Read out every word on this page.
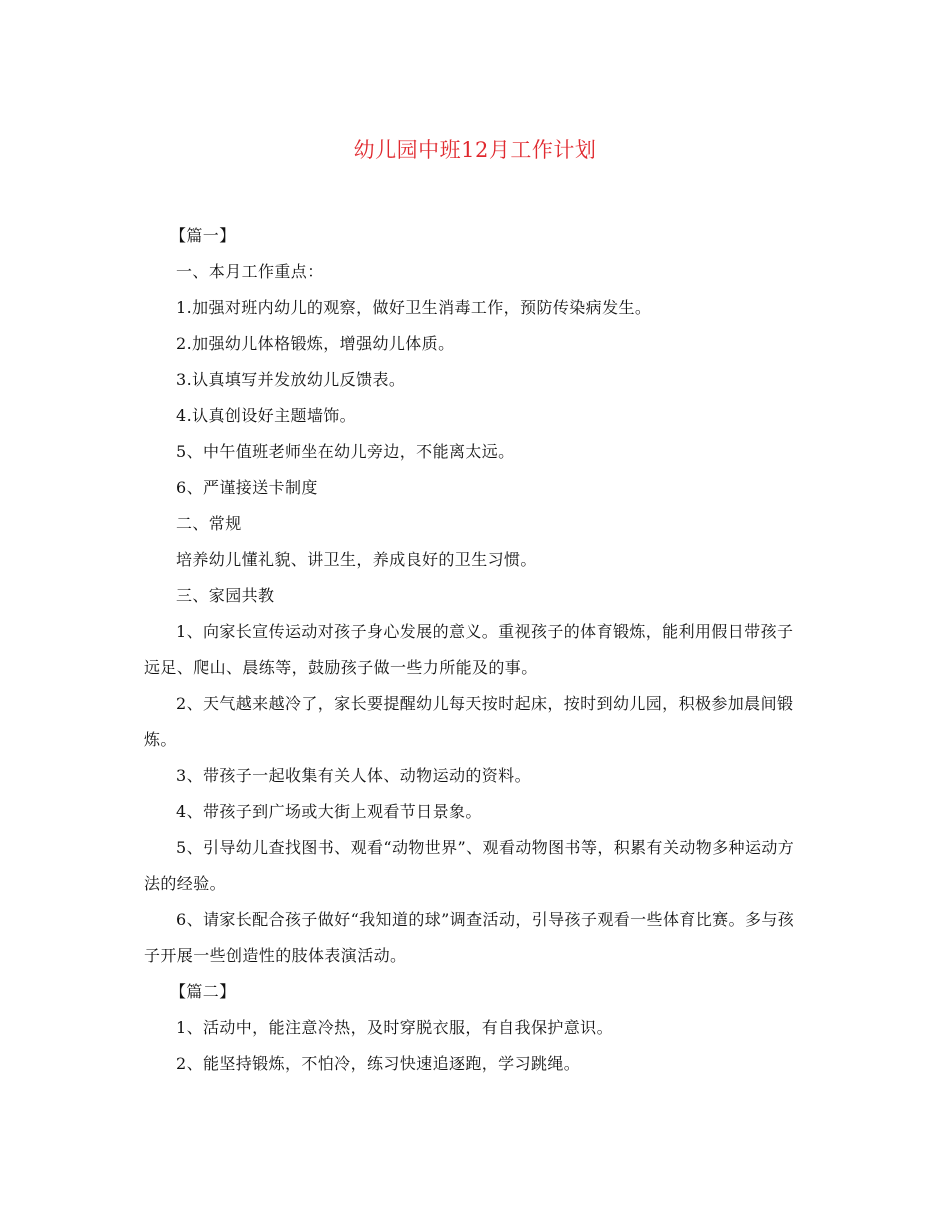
幼儿园中班12月工作计划

【篇一】

一、本月工作重点：

1.加强对班内幼儿的观察，做好卫生消毒工作，预防传染病发生。

2.加强幼儿体格锻炼，增强幼儿体质。

3.认真填写并发放幼儿反馈表。

4.认真创设好主题墙饰。

5、中午值班老师坐在幼儿旁边，不能离太远。

6、严谨接送卡制度

二、常规

培养幼儿懂礼貌、讲卫生，养成良好的卫生习惯。

三、家园共教

1、向家长宣传运动对孩子身心发展的意义。重视孩子的体育锻炼，能利用假日带孩子远足、爬山、晨练等，鼓励孩子做一些力所能及的事。

2、天气越来越冷了，家长要提醒幼儿每天按时起床，按时到幼儿园，积极参加晨间锻炼。

3、带孩子一起收集有关人体、动物运动的资料。

4、带孩子到广场或大街上观看节日景象。

5、引导幼儿查找图书、观看“动物世界”、观看动物图书等，积累有关动物多种运动方法的经验。

6、请家长配合孩子做好“我知道的球”调查活动，引导孩子观看一些体育比赛。多与孩子开展一些创造性的肢体表演活动。

【篇二】

1、活动中，能注意冷热，及时穿脱衣服，有自我保护意识。

2、能坚持锻炼，不怕冷，练习快速追逐跑，学习跳绳。
